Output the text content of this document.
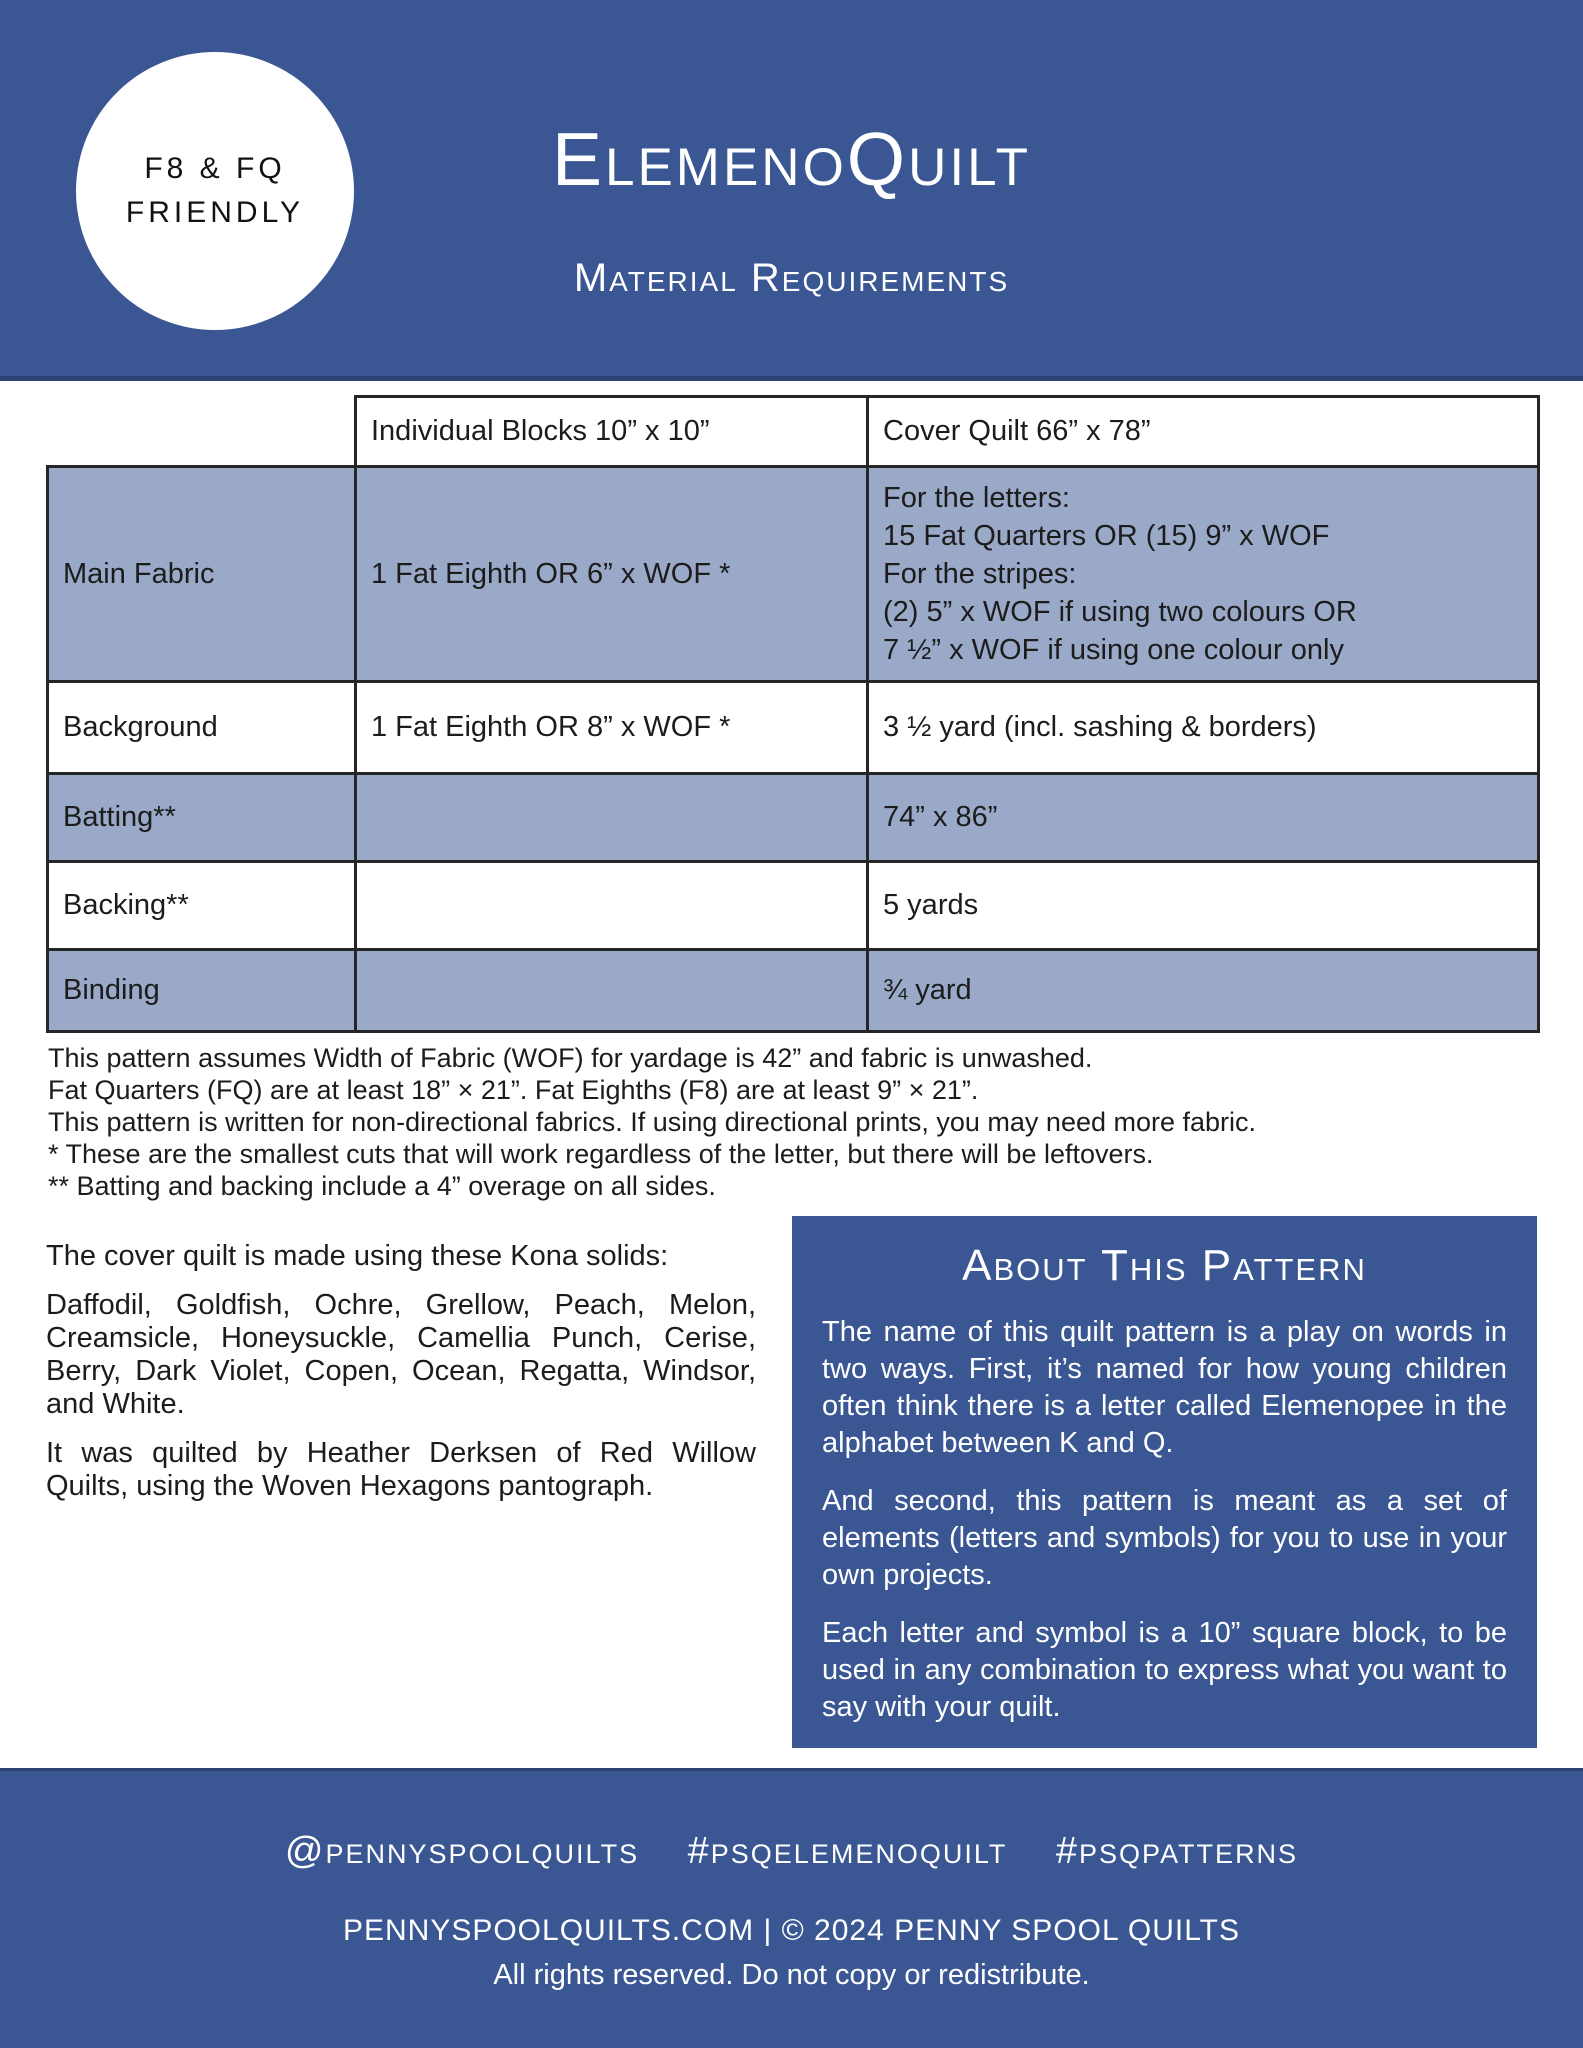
F8 & FQ
FRIENDLY
ElemenoQuilt
Material Requirements
	Individual Blocks 10” x 10”	Cover Quilt 66” x 78”
Main Fabric	1 Fat Eighth OR 6” x WOF *	For the letters:
15 Fat Quarters OR (15) 9” x WOF
For the stripes:
(2) 5” x WOF if using two colours OR
7 ½” x WOF if using one colour only

Background	1 Fat Eighth OR 8” x WOF *	3 ½ yard (incl. sashing & borders)
Batting**		74” x 86”
Backing**		5 yards
Binding		¾ yard
This pattern assumes Width of Fabric (WOF) for yardage is 42” and fabric is unwashed.
Fat Quarters (FQ) are at least 18” × 21”. Fat Eighths (F8) are at least 9” × 21”.
This pattern is written for non-directional fabrics. If using directional prints, you may need more fabric.
* These are the smallest cuts that will work regardless of the letter, but there will be leftovers.
** Batting and backing include a 4” overage on all sides.
The cover quilt is made using these Kona solids:
Daffodil, Goldfish, Ochre, Grellow, Peach, Melon, Creamsicle, Honeysuckle, Camellia Punch, Cerise, Berry, Dark Violet, Copen, Ocean, Regatta, Windsor, and White.
It was quilted by Heather Derksen of Red Willow Quilts, using the Woven Hexagons pantograph.
About This Pattern
The name of this quilt pattern is a play on words in two ways. First, it’s named for how young children often think there is a letter called Elemenopee in the alphabet between K and Q.
And second, this pattern is meant as a set of elements (letters and symbols) for you to use in your own projects.
Each letter and symbol is a 10” square block, to be used in any combination to express what you want to say with your quilt.
@pennyspoolquilts #psqelemenoquilt #psqpatterns
PENNYSPOOLQUILTS.COM | © 2024 PENNY SPOOL QUILTS
All rights reserved. Do not copy or redistribute.
